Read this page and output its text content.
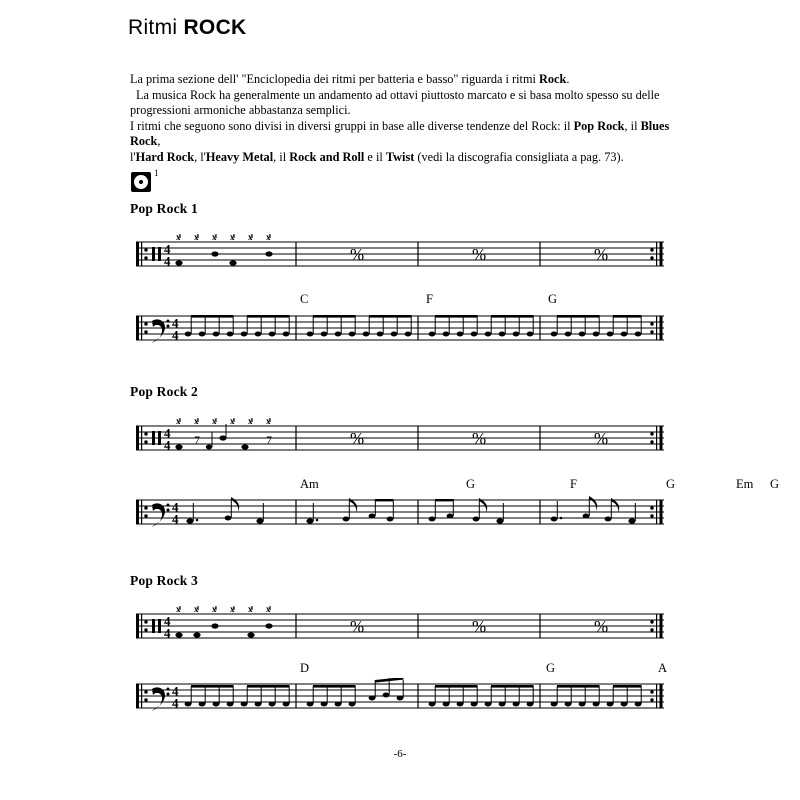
Ritmi ROCK

La prima sezione dell' "Enciclopedia dei ritmi per batteria e basso" riguarda i ritmi Rock.

La musica Rock ha generalmente un andamento ad ottavi piuttosto marcato e si basa molto spesso su delle

progressioni armoniche abbastanza semplici.

I ritmi che seguono sono divisi in diversi gruppi in base alle diverse tendenze del Rock: il Pop Rock, il Blues Rock,

l'Hard Rock, l'Heavy Metal, il Rock and Roll e il Twist (vedi la discografia consigliata a pag. 73).

1
Pop Rock 1
4
4
x x x x x x
%	%	%
C	F	G
4
4
Pop Rock 2
4
4
x x x x x x
7	7	%	%	%
Am	G	F	G	Em G
4
4
Pop Rock 3
4
4
x x x x x x
%	%	%
D	G	A
4
4
-6-
